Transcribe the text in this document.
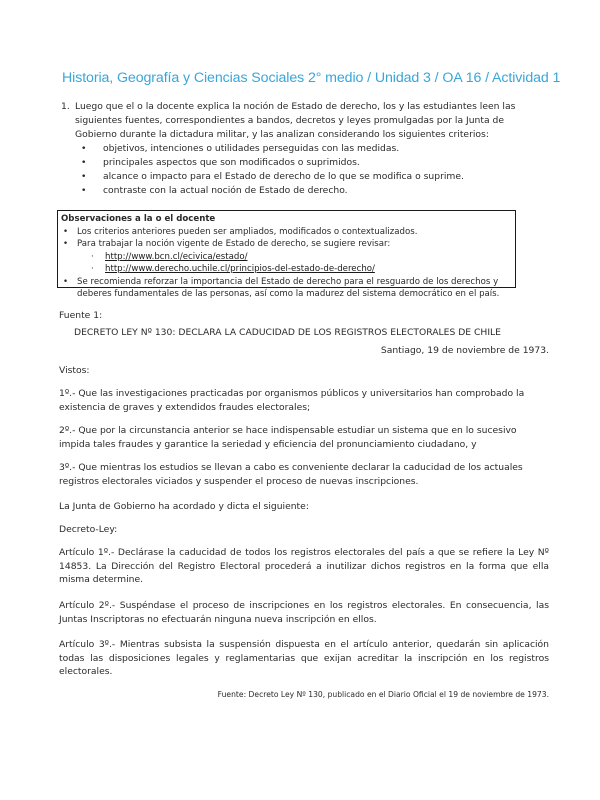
Historia, Geografía y Ciencias Sociales 2° medio / Unidad 3 / OA 16 / Actividad 1
1. Luego que el o la docente explica la noción de Estado de derecho, los y las estudiantes leen las siguientes fuentes, correspondientes a bandos, decretos y leyes promulgadas por la Junta de Gobierno durante la dictadura militar, y las analizan considerando los siguientes criterios:
• objetivos, intenciones o utilidades perseguidas con las medidas.
• principales aspectos que son modificados o suprimidos.
• alcance o impacto para el Estado de derecho de lo que se modifica o suprime.
• contraste con la actual noción de Estado de derecho.
Observaciones a la o el docente
• Los criterios anteriores pueden ser ampliados, modificados o contextualizados.
• Para trabajar la noción vigente de Estado de derecho, se sugiere revisar:
· http://www.bcn.cl/ecivica/estado/
· http://www.derecho.uchile.cl/principios-del-estado-de-derecho/
• Se recomienda reforzar la importancia del Estado de derecho para el resguardo de los derechos y deberes fundamentales de las personas, así como la madurez del sistema democrático en el país.
Fuente 1:
DECRETO LEY Nº 130: DECLARA LA CADUCIDAD DE LOS REGISTROS ELECTORALES DE CHILE
Santiago, 19 de noviembre de 1973.
Vistos:
1º.- Que las investigaciones practicadas por organismos públicos y universitarios han comprobado la existencia de graves y extendidos fraudes electorales;
2º.- Que por la circunstancia anterior se hace indispensable estudiar un sistema que en lo sucesivo impida tales fraudes y garantice la seriedad y eficiencia del pronunciamiento ciudadano, y
3º.- Que mientras los estudios se llevan a cabo es conveniente declarar la caducidad de los actuales registros electorales viciados y suspender el proceso de nuevas inscripciones.
La Junta de Gobierno ha acordado y dicta el siguiente:
Decreto-Ley:
Artículo 1º.- Declárase la caducidad de todos los registros electorales del país a que se refiere la Ley Nº 14853. La Dirección del Registro Electoral procederá a inutilizar dichos registros en la forma que ella misma determine.
Artículo 2º.- Suspéndase el proceso de inscripciones en los registros electorales. En consecuencia, las Juntas Inscriptoras no efectuarán ninguna nueva inscripción en ellos.
Artículo 3º.- Mientras subsista la suspensión dispuesta en el artículo anterior, quedarán sin aplicación todas las disposiciones legales y reglamentarias que exijan acreditar la inscripción en los registros electorales.
Fuente: Decreto Ley Nº 130, publicado en el Diario Oficial el 19 de noviembre de 1973.
